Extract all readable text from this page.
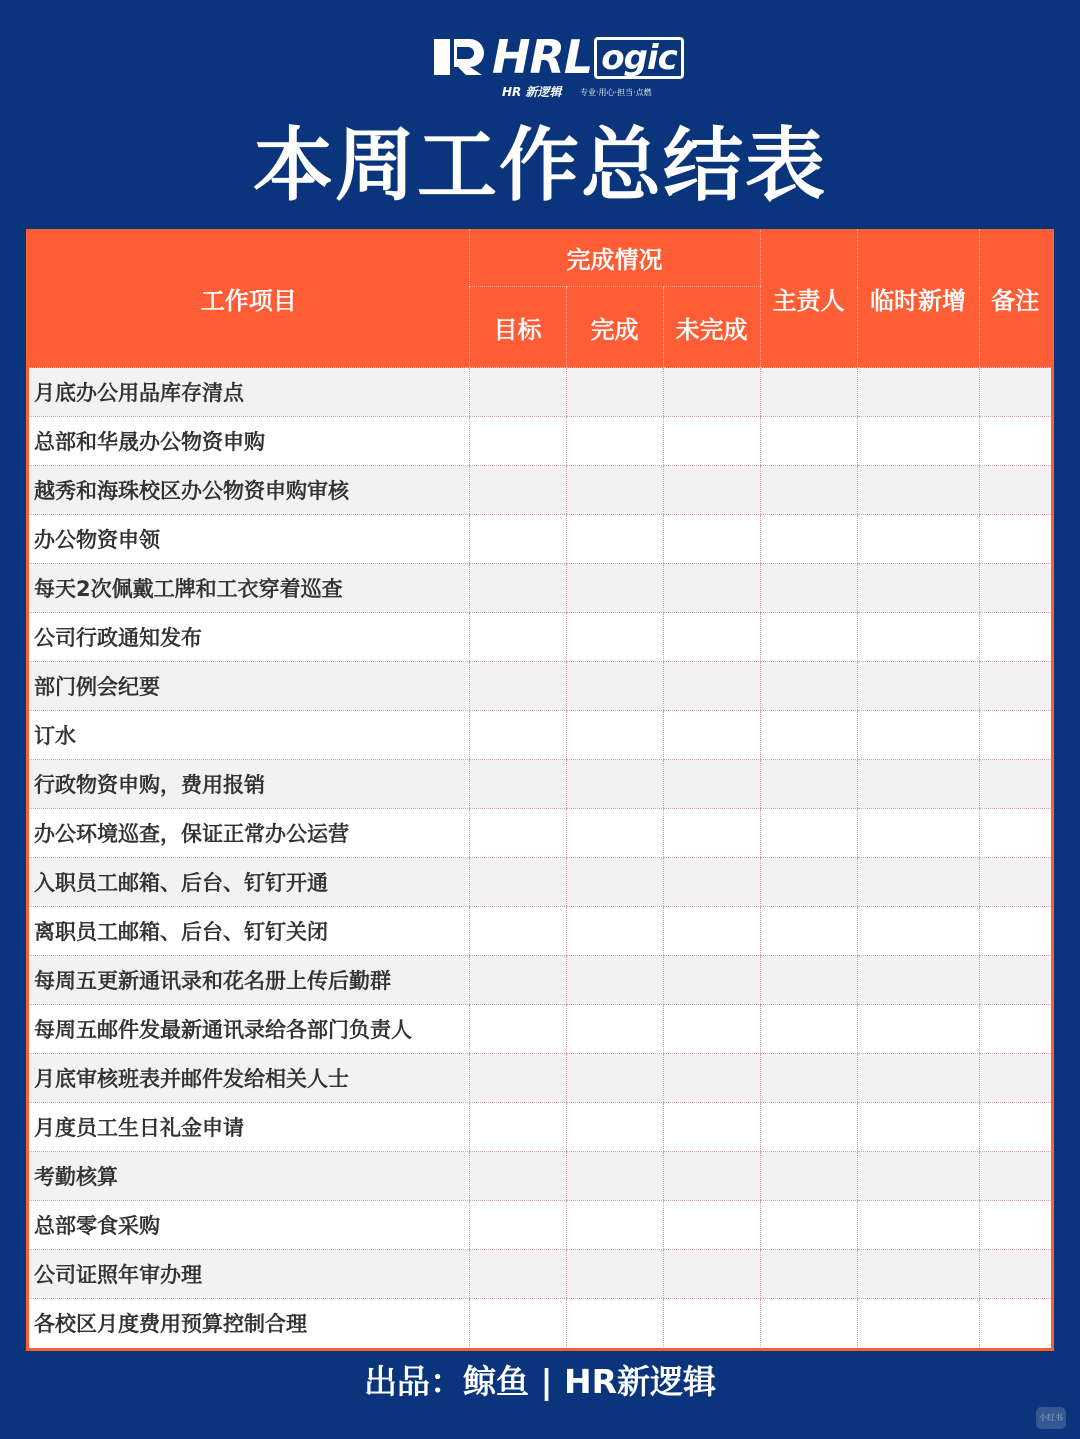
HRL ogic
HR 新逻辑 专业·用心·担当·点燃
本周工作总结表
工作项目	完成情况			主责人	临时新增	备注
	目标	完成	未完成			
月底办公用品库存清点						
总部和华晟办公物资申购						
越秀和海珠校区办公物资申购审核						
办公物资申领						
每天2次佩戴工牌和工衣穿着巡查						
公司行政通知发布						
部门例会纪要						
订水						
行政物资申购，费用报销						
办公环境巡查，保证正常办公运营						
入职员工邮箱、后台、钉钉开通						
离职员工邮箱、后台、钉钉关闭						
每周五更新通讯录和花名册上传后勤群						
每周五邮件发最新通讯录给各部门负责人						
月底审核班表并邮件发给相关人士						
月度员工生日礼金申请						
考勤核算						
总部零食采购						
公司证照年审办理						
各校区月度费用预算控制合理						
出品：鲸鱼 | HR新逻辑
小红书
